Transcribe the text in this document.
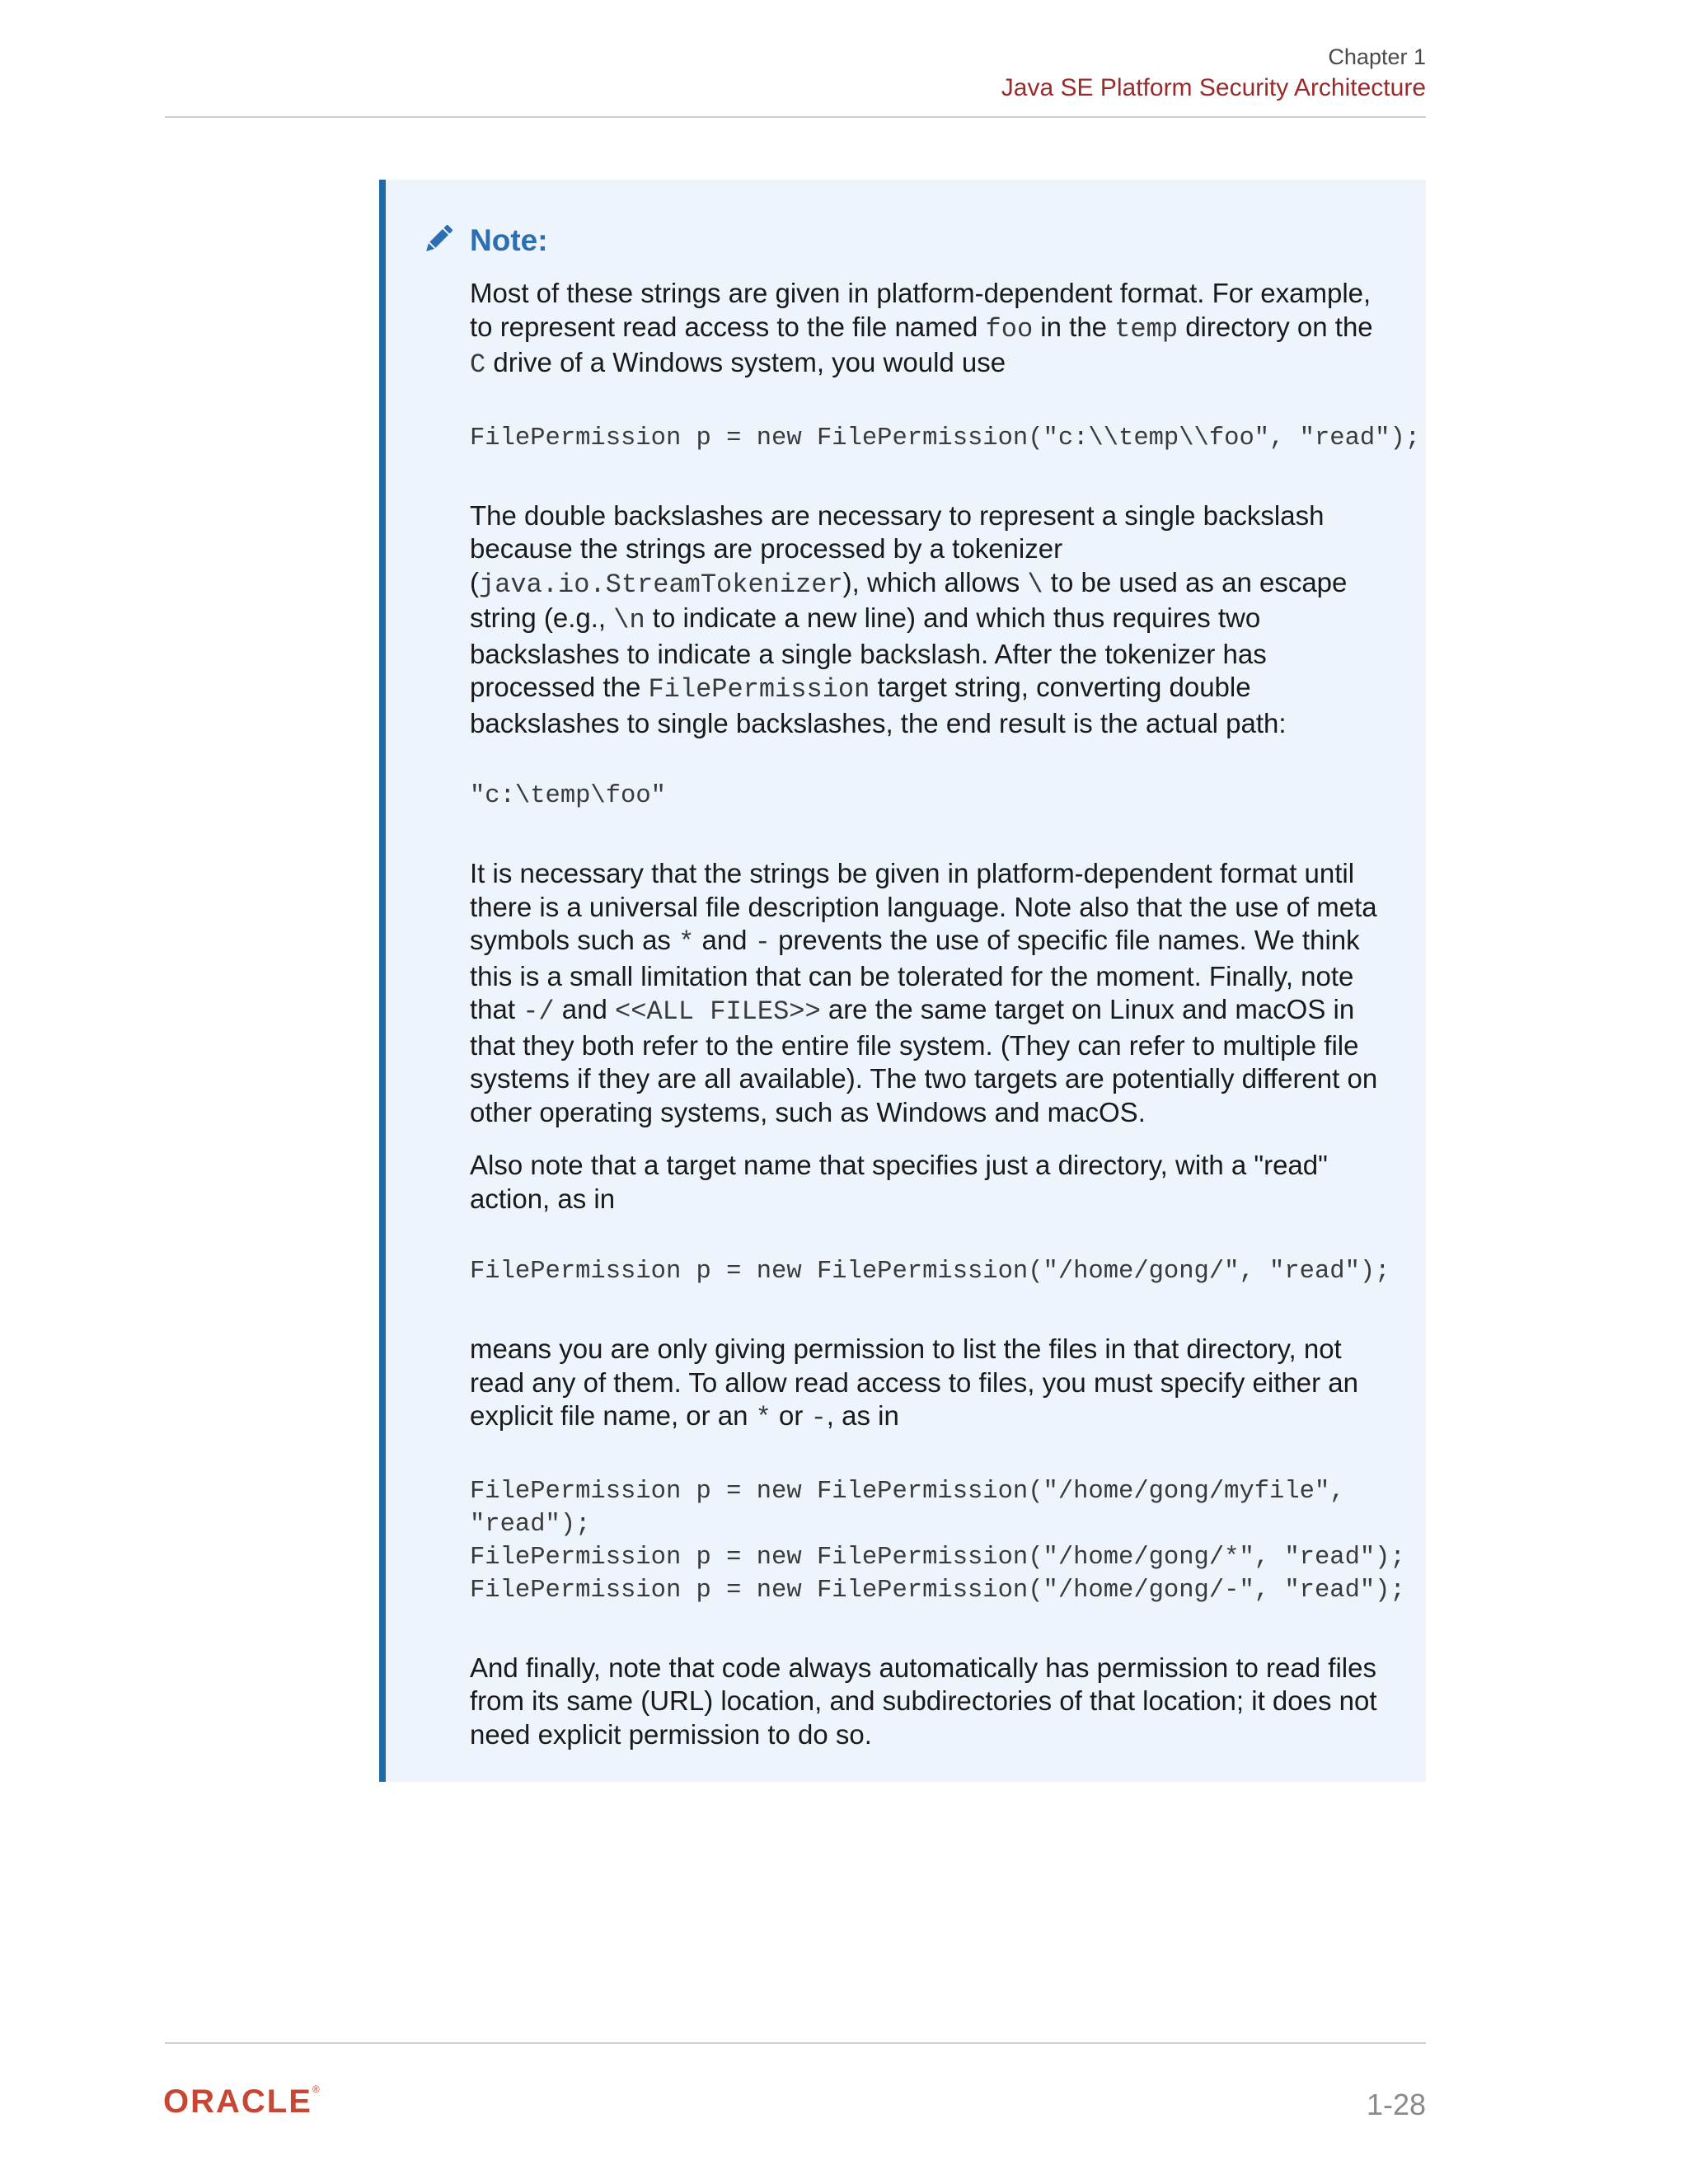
Chapter 1
Java SE Platform Security Architecture
Note:

Most of these strings are given in platform-dependent format. For example, to represent read access to the file named foo in the temp directory on the C drive of a Windows system, you would use

FilePermission p = new FilePermission("c:\\temp\\foo", "read");

The double backslashes are necessary to represent a single backslash because the strings are processed by a tokenizer (java.io.StreamTokenizer), which allows \ to be used as an escape string (e.g., \n to indicate a new line) and which thus requires two backslashes to indicate a single backslash. After the tokenizer has processed the FilePermission target string, converting double backslashes to single backslashes, the end result is the actual path:

"c:\temp\foo"

It is necessary that the strings be given in platform-dependent format until there is a universal file description language. Note also that the use of meta symbols such as * and - prevents the use of specific file names. We think this is a small limitation that can be tolerated for the moment. Finally, note that -/ and <<ALL FILES>> are the same target on Linux and macOS in that they both refer to the entire file system. (They can refer to multiple file systems if they are all available). The two targets are potentially different on other operating systems, such as Windows and macOS.

Also note that a target name that specifies just a directory, with a "read" action, as in

FilePermission p = new FilePermission("/home/gong/", "read");

means you are only giving permission to list the files in that directory, not read any of them. To allow read access to files, you must specify either an explicit file name, or an * or -, as in

FilePermission p = new FilePermission("/home/gong/myfile",
"read");
FilePermission p = new FilePermission("/home/gong/*", "read");
FilePermission p = new FilePermission("/home/gong/-", "read");

And finally, note that code always automatically has permission to read files from its same (URL) location, and subdirectories of that location; it does not need explicit permission to do so.

ORACLE®	1-28
